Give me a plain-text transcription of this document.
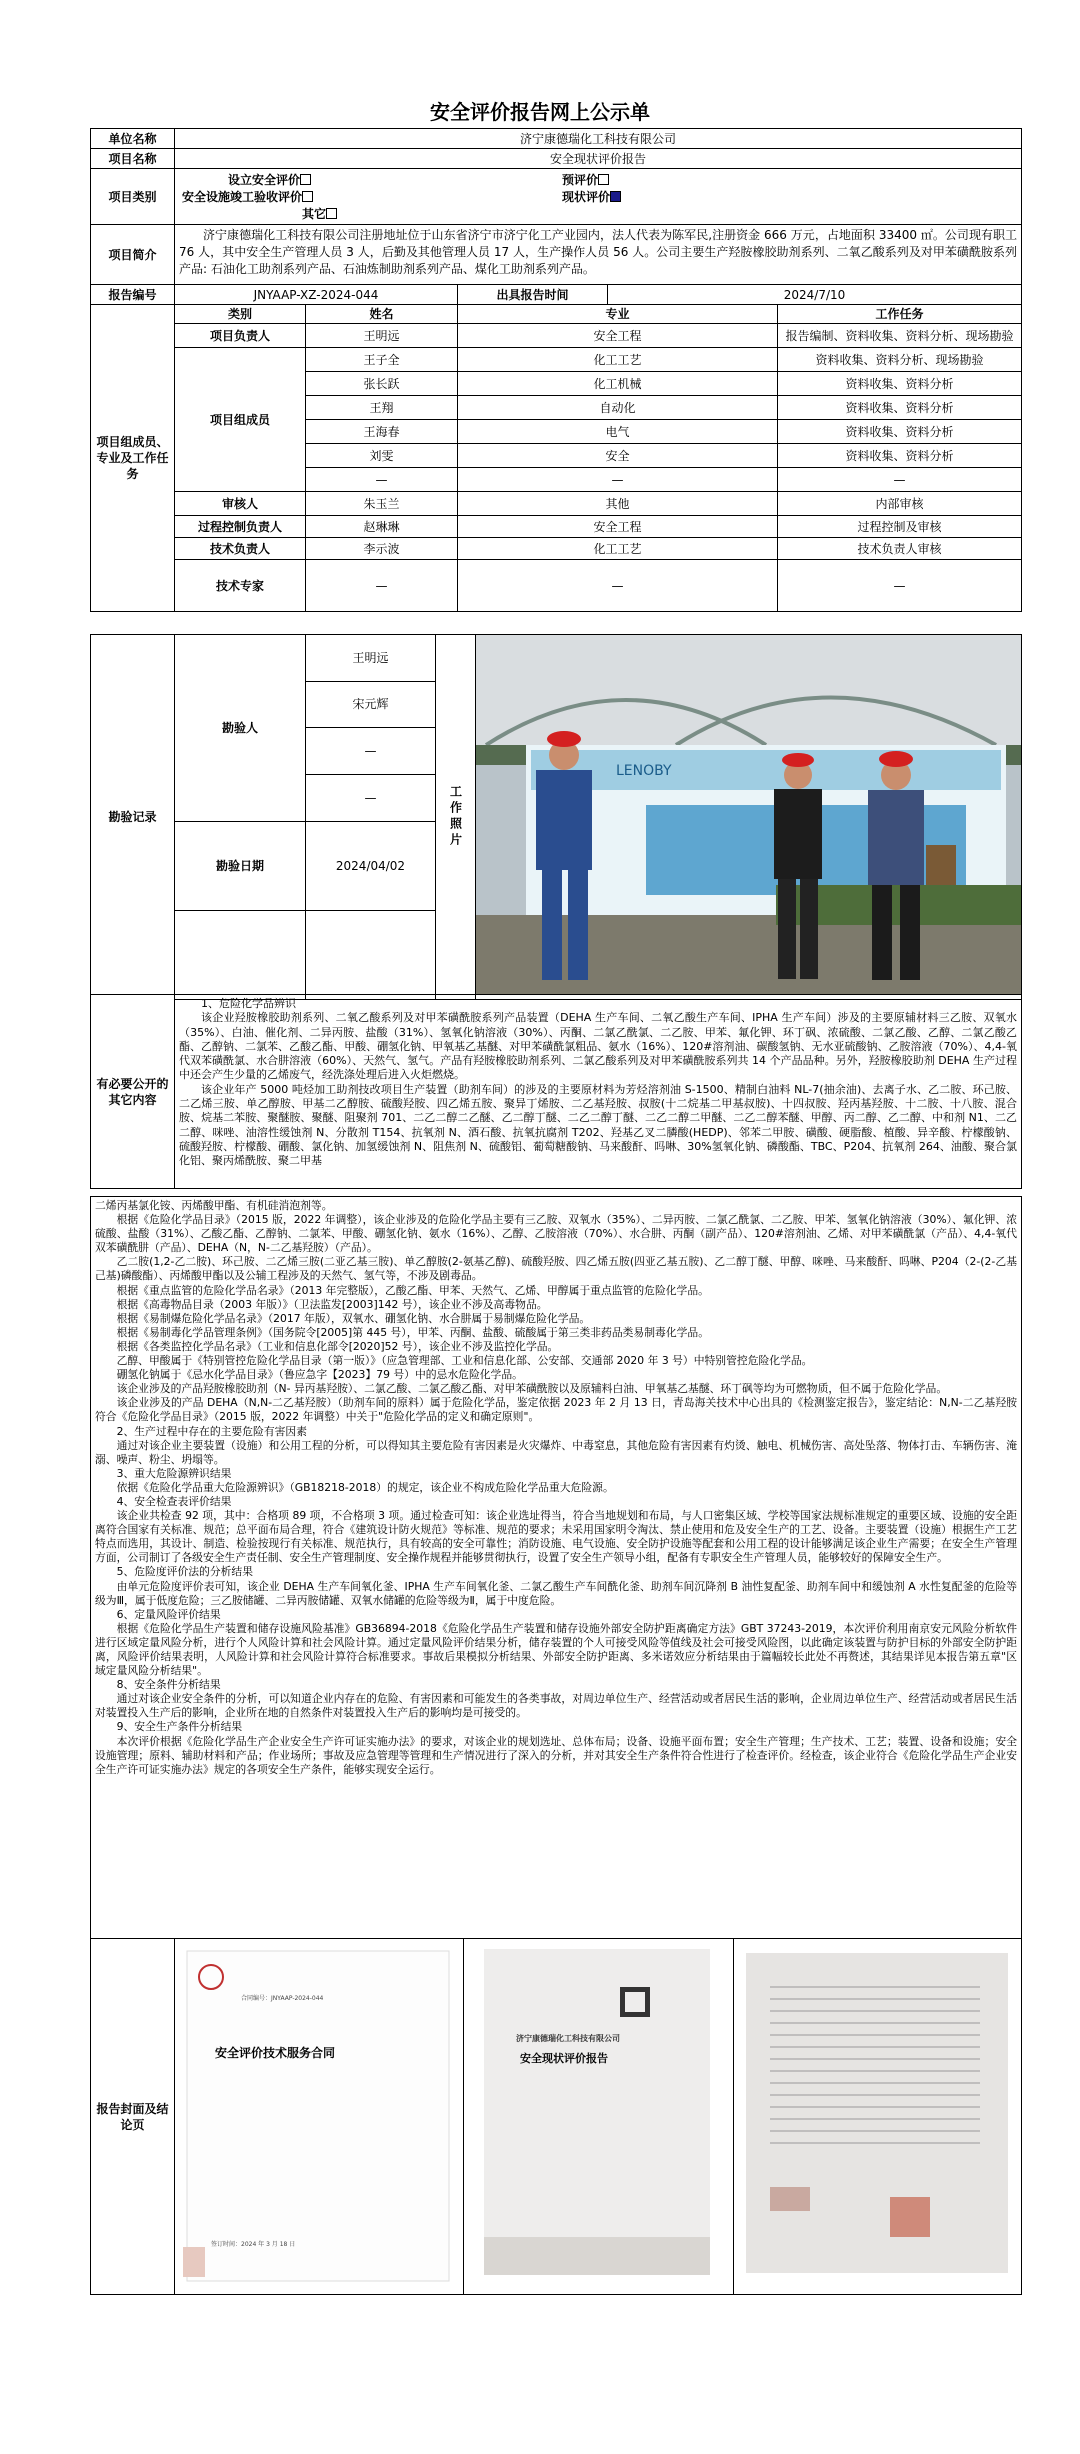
安全评价报告网上公示单
单位名称	济宁康德瑞化工科技有限公司				
项目名称	安全现状评价报告				
项目类别	设立安全评价 预评价
安全设施竣工验收评价 现状评价
其它				

项目简介	济宁康德瑞化工科技有限公司注册地址位于山东省济宁市济宁化工产业园内，法人代表为陈军民,注册资金 666 万元，占地面积 33400 ㎡。公司现有职工 76 人，其中安全生产管理人员 3 人，后勤及其他管理人员 17 人，生产操作人员 56 人。公司主要生产羟胺橡胶助剂系列、二氧乙酸系列及对甲苯磺酰胺系列产品: 石油化工助剂系列产品、石油炼制助剂系列产品、煤化工助剂系列产品。				

报告编号	JNYAAP-XZ-2024-044		出具报告时间	2024/7/10	
项目组成员、专业及工作任务	类别	姓名	专业		工作任务
	项目负责人	王明远	安全工程		报告编制、资料收集、资料分析、现场勘验
	项目组成员	王子全	化工工艺		资料收集、资料分析、现场勘验
		张长跃	化工机械		资料收集、资料分析
		王翔	自动化		资料收集、资料分析
		王海春	电气		资料收集、资料分析
		刘雯	安全		资料收集、资料分析
		—	—		—
	审核人	朱玉兰	其他		内部审核
	过程控制负责人	赵琳琳	安全工程		过程控制及审核
	技术负责人	李示波	化工工艺		技术负责人审核
	技术专家	—	—		—
勘验记录	勘验人	王明远	工作照片	LENOBY

		宋元辉		
		—		
		—		
	勘验日期	2024/04/02		

有必要公开的其它内容	

1、危险化学品辨识

该企业羟胺橡胶助剂系列、二氧乙酸系列及对甲苯磺酰胺系列产品装置（DEHA 生产车间、二氧乙酸生产车间、IPHA 生产车间）涉及的主要原辅材料三乙胺、双氧水（35%）、白油、催化剂、二异丙胺、盐酸（31%）、氢氧化钠溶液（30%）、丙酮、二氯乙酰氯、二乙胺、甲苯、氟化钾、环丁砜、浓硫酸、二氯乙酸、乙醇、二氯乙酸乙酯、乙醇钠、二氯苯、乙酸乙酯、甲酸、硼氢化钠、甲氧基乙基醚、对甲苯磺酰氯粗品、氨水（16%）、120#溶剂油、碳酸氢钠、无水亚硫酸钠、乙胺溶液（70%）、4,4-氧代双苯磺酰氯、水合肼溶液（60%）、天然气、氢气。产品有羟胺橡胶助剂系列、二氯乙酸系列及对甲苯磺酰胺系列共 14 个产品品种。另外，羟胺橡胶助剂 DEHA 生产过程中还会产生少量的乙烯废气，经洗涤处理后进入火炬燃烧。

该企业年产 5000 吨烃加工助剂技改项目生产装置（助剂车间）的涉及的主要原材料为芳烃溶剂油 S-1500、精制白油料 NL-7(抽余油)、去离子水、乙二胺、环己胺、二乙烯三胺、单乙醇胺、甲基二乙醇胺、硫酸羟胺、四乙烯五胺、聚异丁烯胺、二乙基羟胺、叔胺(十二烷基二甲基叔胺)、十四叔胺、羟丙基羟胺、十二胺、十八胺、混合胺、烷基二苯胺、聚醚胺、聚醚、阻聚剂 701、二乙二醇二乙醚、乙二醇丁醚、二乙二醇丁醚、二乙二醇二甲醚、二乙二醇苯醚、甲醇、丙二醇、乙二醇、中和剂 N1、二乙二醇、咪唑、油溶性缓蚀剂 N、分散剂 T154、抗氧剂 N、酒石酸、抗氧抗腐剂 T202、羟基乙叉二膦酸(HEDP)、邻苯二甲胺、磺酸、硬脂酸、植酸、异辛酸、柠檬酸钠、硫酸羟胺、柠檬酸、硼酸、氯化钠、加氢缓蚀剂 N、阻焦剂 N、硫酸铝、葡萄糖酸钠、马来酸酐、吗啉、30%氢氧化钠、磷酸酯、TBC、P204、抗氧剂 264、油酸、聚合氯化铝、聚丙烯酰胺、聚二甲基

二烯丙基氯化铵、丙烯酸甲酯、有机硅消泡剂等。

根据《危险化学品目录》（2015 版，2022 年调整），该企业涉及的危险化学品主要有三乙胺、双氧水（35%）、二异丙胺、二氯乙酰氯、二乙胺、甲苯、氢氧化钠溶液（30%）、氟化钾、浓硫酸、盐酸（31%）、乙酸乙酯、乙醇钠、二氯苯、甲酸、硼氢化钠、氨水（16%）、乙醇、乙胺溶液（70%）、水合肼、丙酮（副产品）、120#溶剂油、乙烯、对甲苯磺酰氯（产品）、4,4-氧代双苯磺酰肼（产品）、DEHA（N，N-二乙基羟胺）（产品）。

乙二胺(1,2-乙二胺)、环己胺、二乙烯三胺(二亚乙基三胺)、单乙醇胺(2-氨基乙醇)、硫酸羟胺、四乙烯五胺(四亚乙基五胺)、乙二醇丁醚、甲醇、咪唑、马来酸酐、吗啉、P204（2-(2-乙基己基)磷酸酯）、丙烯酸甲酯以及公辅工程涉及的天然气、氢气等，不涉及剧毒品。

根据《重点监管的危险化学品名录》（2013 年完整版），乙酸乙酯、甲苯、天然气、乙烯、甲醇属于重点监管的危险化学品。

根据《高毒物品目录（2003 年版）》（卫法监发[2003]142 号），该企业不涉及高毒物品。

根据《易制爆危险化学品名录》（2017 年版），双氧水、硼氢化钠、水合肼属于易制爆危险化学品。

根据《易制毒化学品管理条例》（国务院令[2005]第 445 号），甲苯、丙酮、盐酸、硫酸属于第三类非药品类易制毒化学品。

根据《各类监控化学品名录》（工业和信息化部令[2020]52 号），该企业不涉及监控化学品。

乙醇、甲酸属于《特别管控危险化学品目录（第一版）》（应急管理部、工业和信息化部、公安部、交通部 2020 年 3 号）中特别管控危险化学品。

硼氢化钠属于《忌水化学品目录》（鲁应急字【2023】79 号）中的忌水危险化学品。

该企业涉及的产品羟胺橡胶助剂（N- 异丙基羟胺）、二氯乙酸、二氯乙酸乙酯、对甲苯磺酰胺以及原辅料白油、甲氧基乙基醚、环丁砜等均为可燃物质，但不属于危险化学品。

该企业涉及的产品 DEHA（N,N-二乙基羟胺）（助剂车间的原料）属于危险化学品，鉴定依据 2023 年 2 月 13 日，青岛海关技术中心出具的《检测鉴定报告》，鉴定结论：N,N-二乙基羟胺符合《危险化学品目录》（2015 版，2022 年调整）中关于"危险化学品的定义和确定原则"。

2、生产过程中存在的主要危险有害因素

通过对该企业主要装置（设施）和公用工程的分析，可以得知其主要危险有害因素是火灾爆炸、中毒窒息，其他危险有害因素有灼烫、触电、机械伤害、高处坠落、物体打击、车辆伤害、淹溺、噪声、粉尘、坍塌等。

3、重大危险源辨识结果

依据《危险化学品重大危险源辨识》（GB18218-2018）的规定，该企业不构成危险化学品重大危险源。

4、安全检查表评价结果

该企业共检查 92 项，其中：合格项 89 项，不合格项 3 项。通过检查可知：该企业选址得当，符合当地规划和布局，与人口密集区域、学校等国家法规标准规定的重要区域、设施的安全距离符合国家有关标准、规范；总平面布局合理，符合《建筑设计防火规范》等标准、规范的要求；未采用国家明令淘汰、禁止使用和危及安全生产的工艺、设备。主要装置（设施）根据生产工艺特点而选用，其设计、制造、检验按现行有关标准、规范执行，具有较高的安全可靠性；消防设施、电气设施、安全防护设施等配套和公用工程的设计能够满足该企业生产需要；在安全生产管理方面，公司制订了各级安全生产责任制、安全生产管理制度、安全操作规程并能够贯彻执行，设置了安全生产领导小组，配备有专职安全生产管理人员，能够较好的保障安全生产。

5、危险度评价法的分析结果

由单元危险度评价表可知，该企业 DEHA 生产车间氧化釜、IPHA 生产车间氧化釜、二氯乙酸生产车间酰化釜、助剂车间沉降剂 B 油性复配釜、助剂车间中和缓蚀剂 A 水性复配釜的危险等级为Ⅲ，属于低度危险；三乙胺储罐、二异丙胺储罐、双氧水储罐的危险等级为Ⅱ，属于中度危险。

6、定量风险评价结果

根据《危险化学品生产装置和储存设施风险基准》GB36894-2018《危险化学品生产装置和储存设施外部安全防护距离确定方法》GBT 37243-2019，本次评价利用南京安元风险分析软件进行区域定量风险分析，进行个人风险计算和社会风险计算。通过定量风险评价结果分析，储存装置的个人可接受风险等值线及社会可接受风险图，以此确定该装置与防护目标的外部安全防护距离，风险评价结果表明，人风险计算和社会风险计算符合标准要求。事故后果模拟分析结果、外部安全防护距离、多米诺效应分析结果由于篇幅较长此处不再赘述，其结果详见本报告第五章"区域定量风险分析结果"。

8、安全条件分析结果

通过对该企业安全条件的分析，可以知道企业内存在的危险、有害因素和可能发生的各类事故，对周边单位生产、经营活动或者居民生活的影响，企业周边单位生产、经营活动或者居民生活对装置投入生产后的影响，企业所在地的自然条件对装置投入生产后的影响均是可接受的。

9、安全生产条件分析结果

本次评价根据《危险化学品生产企业安全生产许可证实施办法》的要求，对该企业的规划选址、总体布局；设备、设施平面布置；安全生产管理；生产技术、工艺；装置、设备和设施；安全设施管理；原料、辅助材料和产品；作业场所；事故及应急管理等管理和生产情况进行了深入的分析，并对其安全生产条件符合性进行了检查评价。经检查，该企业符合《危险化学品生产企业安全生产许可证实施办法》规定的各项安全生产条件，能够实现安全运行。

报告封面及结论页	
合同编号：JNYAAP-2024-044
安全评价技术服务合同
签订时间：2024 年 3 月 18 日

济宁康德瑞化工科技有限公司
安全现状评价报告
